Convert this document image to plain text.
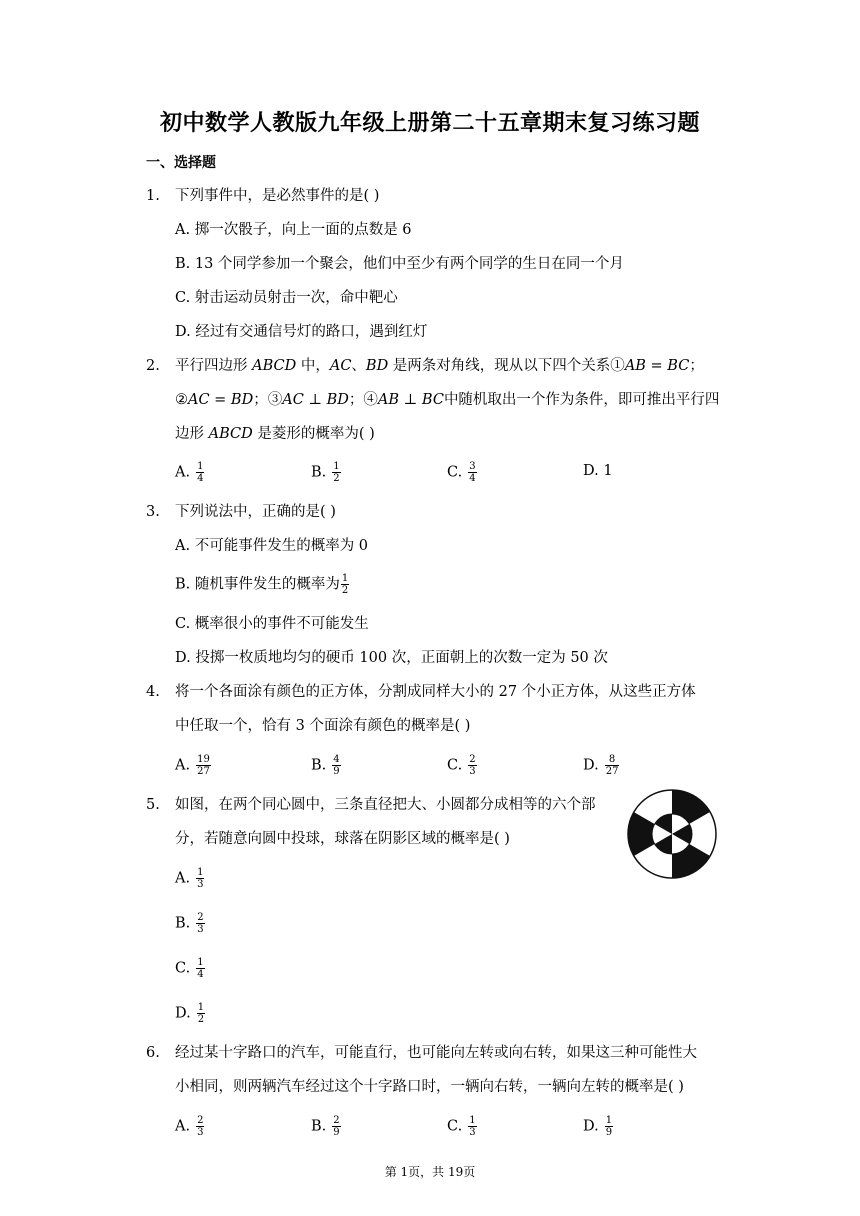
初中数学人教版九年级上册第二十五章期末复习练习题
一、选择题
1. 下列事件中，是必然事件的是( )
A. 掷一次骰子，向上一面的点数是 6
B. 13 个同学参加一个聚会，他们中至少有两个同学的生日在同一个月
C. 射击运动员射击一次，命中靶心
D. 经过有交通信号灯的路口，遇到红灯
2. 平行四边形 ABCD 中，AC、BD 是两条对角线，现从以下四个关系①AB = BC；
②AC = BD；③AC ⊥ BD；④AB ⊥ BC中随机取出一个作为条件，即可推出平行四
边形 ABCD 是菱形的概率为( )
A. $\frac{1}{4}$	B. $\frac{1}{2}$	C. $\frac{3}{4}$	D. 1
3. 下列说法中，正确的是( )
A. 不可能事件发生的概率为 0
B. 随机事件发生的概率为 $\frac{1}{2}$
C. 概率很小的事件不可能发生
D. 投掷一枚质地均匀的硬币 100 次，正面朝上的次数一定为 50 次
4. 将一个各面涂有颜色的正方体，分割成同样大小的 27 个小正方体，从这些正方体
中任取一个，恰有 3 个面涂有颜色的概率是( )
A. $\frac{19}{27}$	B. $\frac{4}{9}$	C. $\frac{2}{3}$	D. $\frac{8}{27}$
5. 如图，在两个同心圆中，三条直径把大、小圆都分成相等的六个部
分，若随意向圆中投球，球落在阴影区域的概率是( )
A. $\frac{1}{3}$
B. $\frac{2}{3}$
C. $\frac{1}{4}$
D. $\frac{1}{2}$
6. 经过某十字路口的汽车，可能直行，也可能向左转或向右转，如果这三种可能性大
小相同，则两辆汽车经过这个十字路口时，一辆向右转，一辆向左转的概率是( )
A. $\frac{2}{3}$	B. $\frac{2}{9}$	C. $\frac{1}{3}$	D. $\frac{1}{9}$
第 1页，共 19页
